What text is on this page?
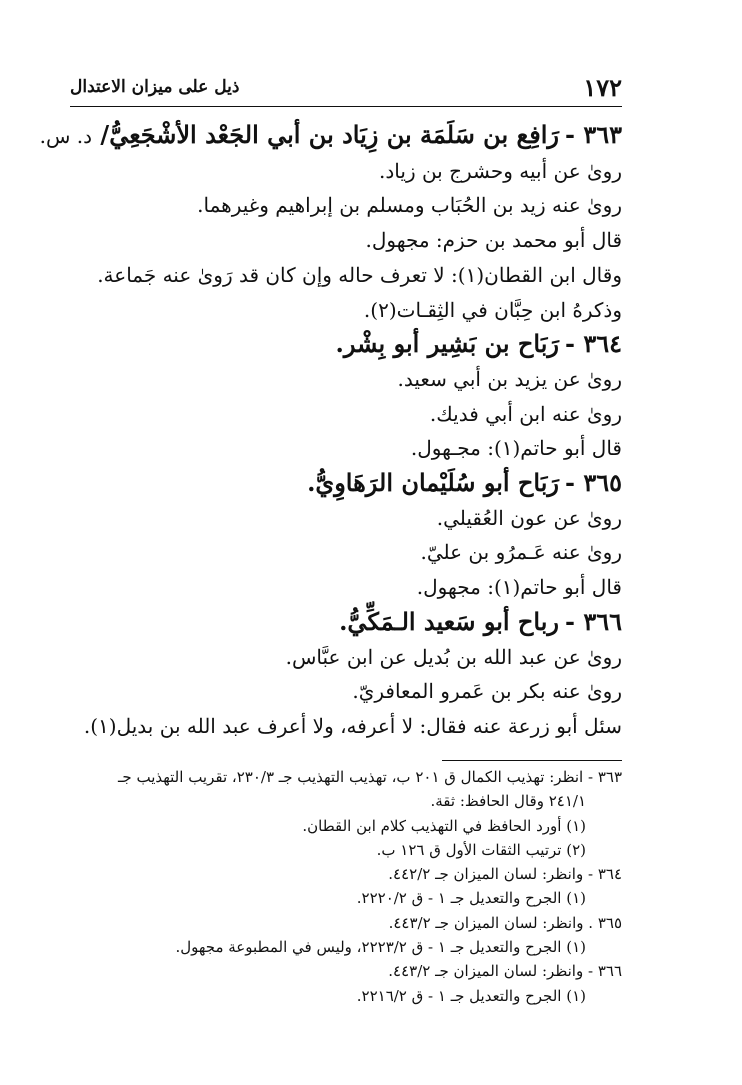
١٧٢
ذيل على ميزان الاعتدال
٣٦٣ -رَافِع بن سَلَمَة بن زِيَاد بن أبي الجَعْد الأشْجَعِيُّ/ د. س.
روىٰ عن أبيه وحشرج بن زياد.
روىٰ عنه زيد بن الحُبَاب ومسلم بن إبراهيم وغيرهما.
قال أبو محمد بن حزم: مجهول.
وقال ابن القطان(١): لا تعرف حاله وإن كان قد رَوىٰ عنه جَماعة.
وذكرهُ ابن حِبَّان في الثِقـات(٢).
٣٦٤ -رَبَاح بن بَشِير أبو بِشْر.
روىٰ عن يزيد بن أبي سعيد.
روىٰ عنه ابن أبي فديك.
قال أبو حاتم(١): مجـهول.
٣٦٥ -رَبَاح أبو سُلَيْمان الرَهَاوِيُّ.
روىٰ عن عون العُقيلي.
روىٰ عنه عَـمرُو بن عليّ.
قال أبو حاتم(١): مجهول.
٣٦٦ -رباح أبو سَعيد الـمَكِّيُّ.
روىٰ عن عبد الله بن بُديل عن ابن عبَّاس.
روىٰ عنه بكر بن عَمرو المعافريّ.
سئل أبو زرعة عنه فقال: لا أعرفه، ولا أعرف عبد الله بن بديل(١).
٣٦٣ - انظر: تهذيب الكمال ق ٢٠١ ب، تهذيب التهذيب جـ ٢٣٠/٣، تقريب التهذيب جـ
٢٤١/١ وقال الحافظ: ثقة.
(١) أورد الحافظ في التهذيب كلام ابن القطان.
(٢) ترتيب الثقات الأول ق ١٢٦ ب.
٣٦٤ - وانظر: لسان الميزان جـ ٤٤٢/٢.
(١) الجرح والتعديل جـ ١ - ق ٢٢٢٠/٢.
٣٦٥ . وانظر: لسان الميزان جـ ٤٤٣/٢.
(١) الجرح والتعديل جـ ١ - ق ٢٢٢٣/٢، وليس في المطبوعة مجهول.
٣٦٦ - وانظر: لسان الميزان جـ ٤٤٣/٢.
(١) الجرح والتعديل جـ ١ - ق ٢٢١٦/٢.
